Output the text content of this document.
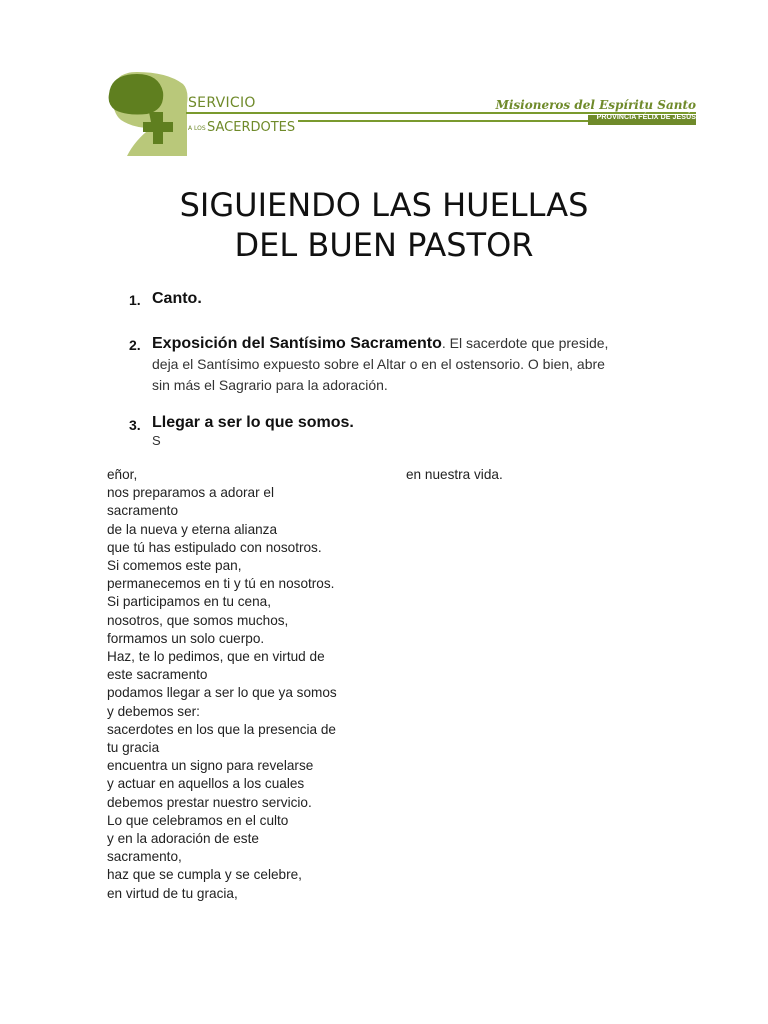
SERVICIO
A LOS SACERDOTES
Misioneros del Espíritu Santo
PROVINCIA FÉLIX DE JESÚS
SIGUIENDO LAS HUELLAS
DEL BUEN PASTOR
1. Canto.
2. Exposición del Santísimo Sacramento. El sacerdote que preside,
deja el Santísimo expuesto sobre el Altar o en el ostensorio. O bien, abre
sin más el Sagrario para la adoración.
3. Llegar a ser lo que somos.
S
eñor,
nos preparamos a adorar el
sacramento
de la nueva y eterna alianza
que tú has estipulado con nosotros.
Si comemos este pan,
permanecemos en ti y tú en nosotros.
Si participamos en tu cena,
nosotros, que somos muchos,
formamos un solo cuerpo.
Haz, te lo pedimos, que en virtud de
este sacramento
podamos llegar a ser lo que ya somos
y debemos ser:
sacerdotes en los que la presencia de
tu gracia
encuentra un signo para revelarse
y actuar en aquellos a los cuales
debemos prestar nuestro servicio.
Lo que celebramos en el culto
y en la adoración de este
sacramento,
haz que se cumpla y se celebre,
en virtud de tu gracia,
en nuestra vida.
